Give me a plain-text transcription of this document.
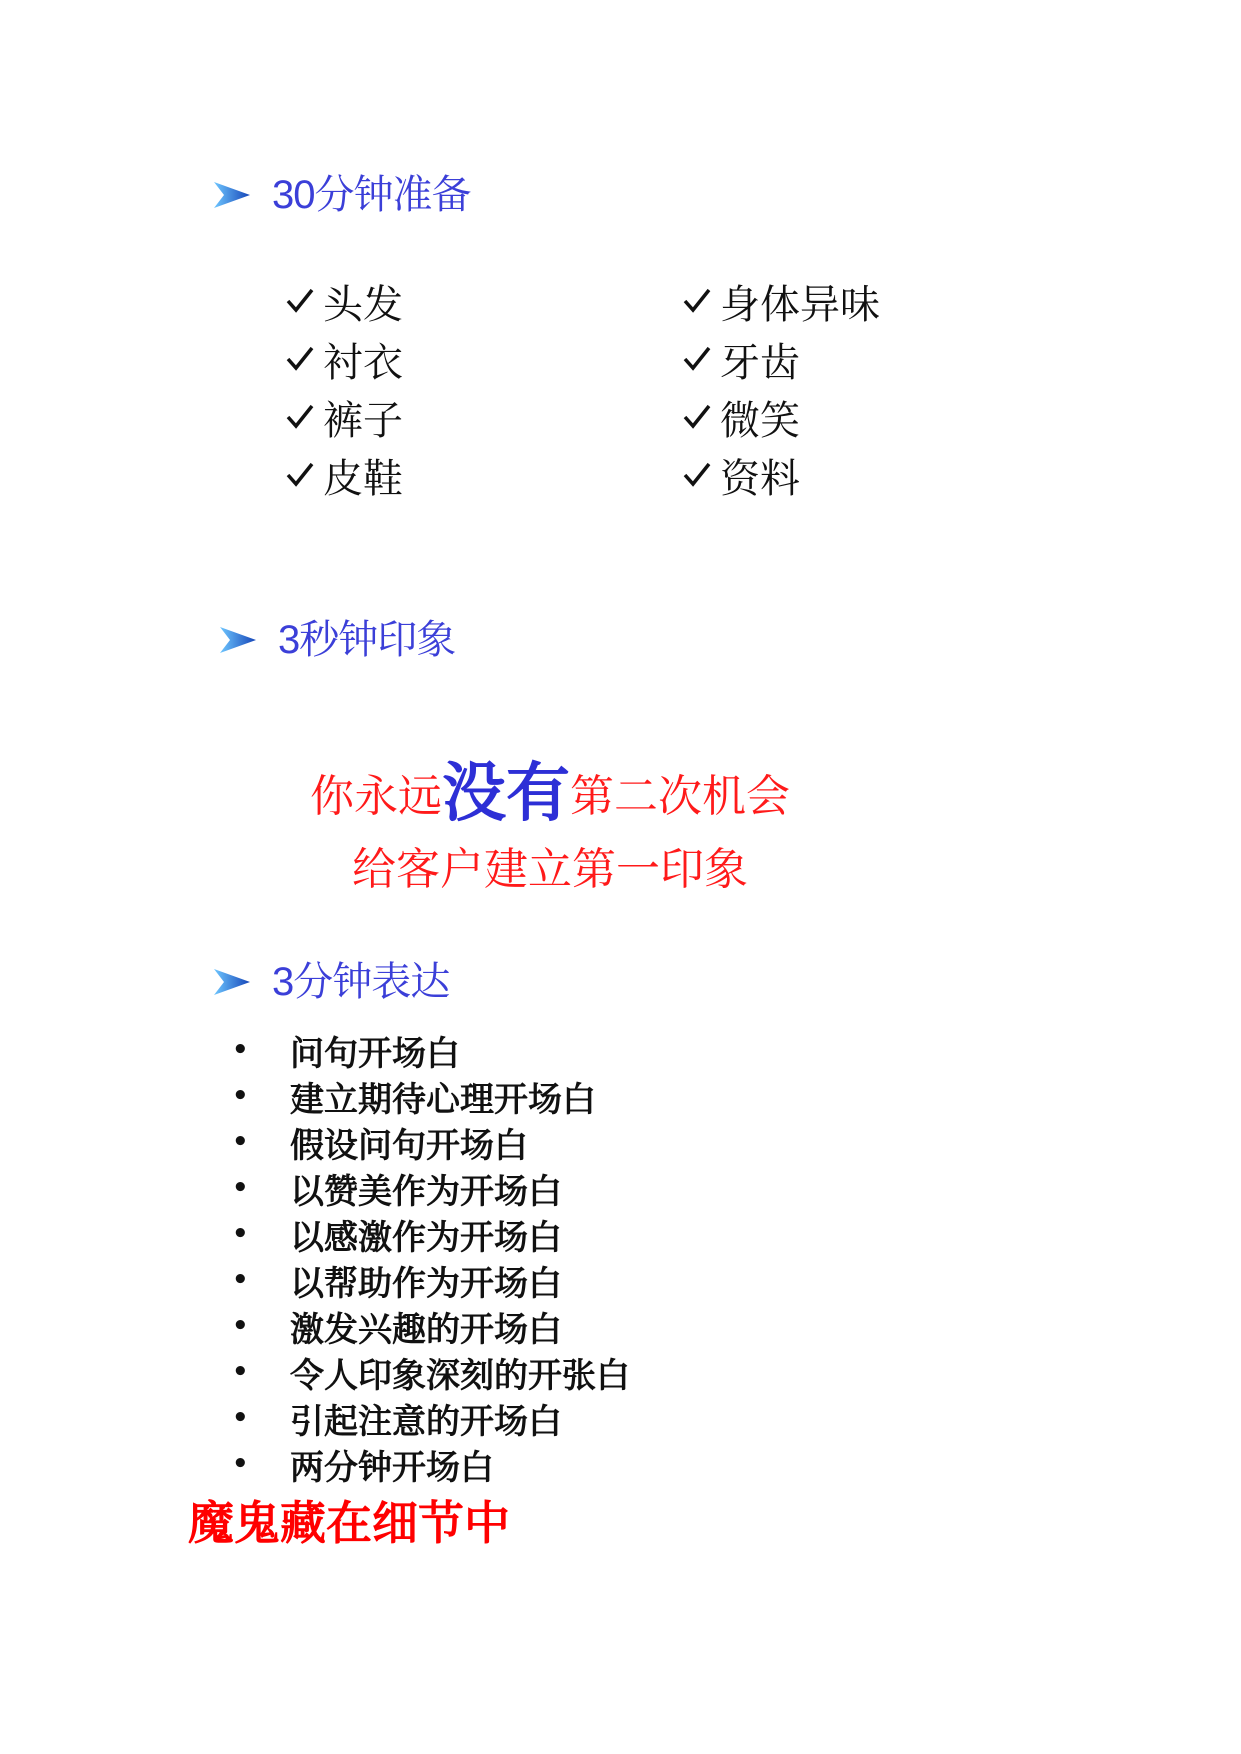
30分钟准备
头发
衬衣
裤子
皮鞋
身体异味
牙齿
微笑
资料
3秒钟印象
你永远没有第二次机会
给客户建立第一印象
3分钟表达
•	问句开场白
•	建立期待心理开场白
•	假设问句开场白
•	以赞美作为开场白
•	以感激作为开场白
•	以帮助作为开场白
•	激发兴趣的开场白
•	令人印象深刻的开张白
•	引起注意的开场白
•	两分钟开场白
魔鬼藏在细节中
